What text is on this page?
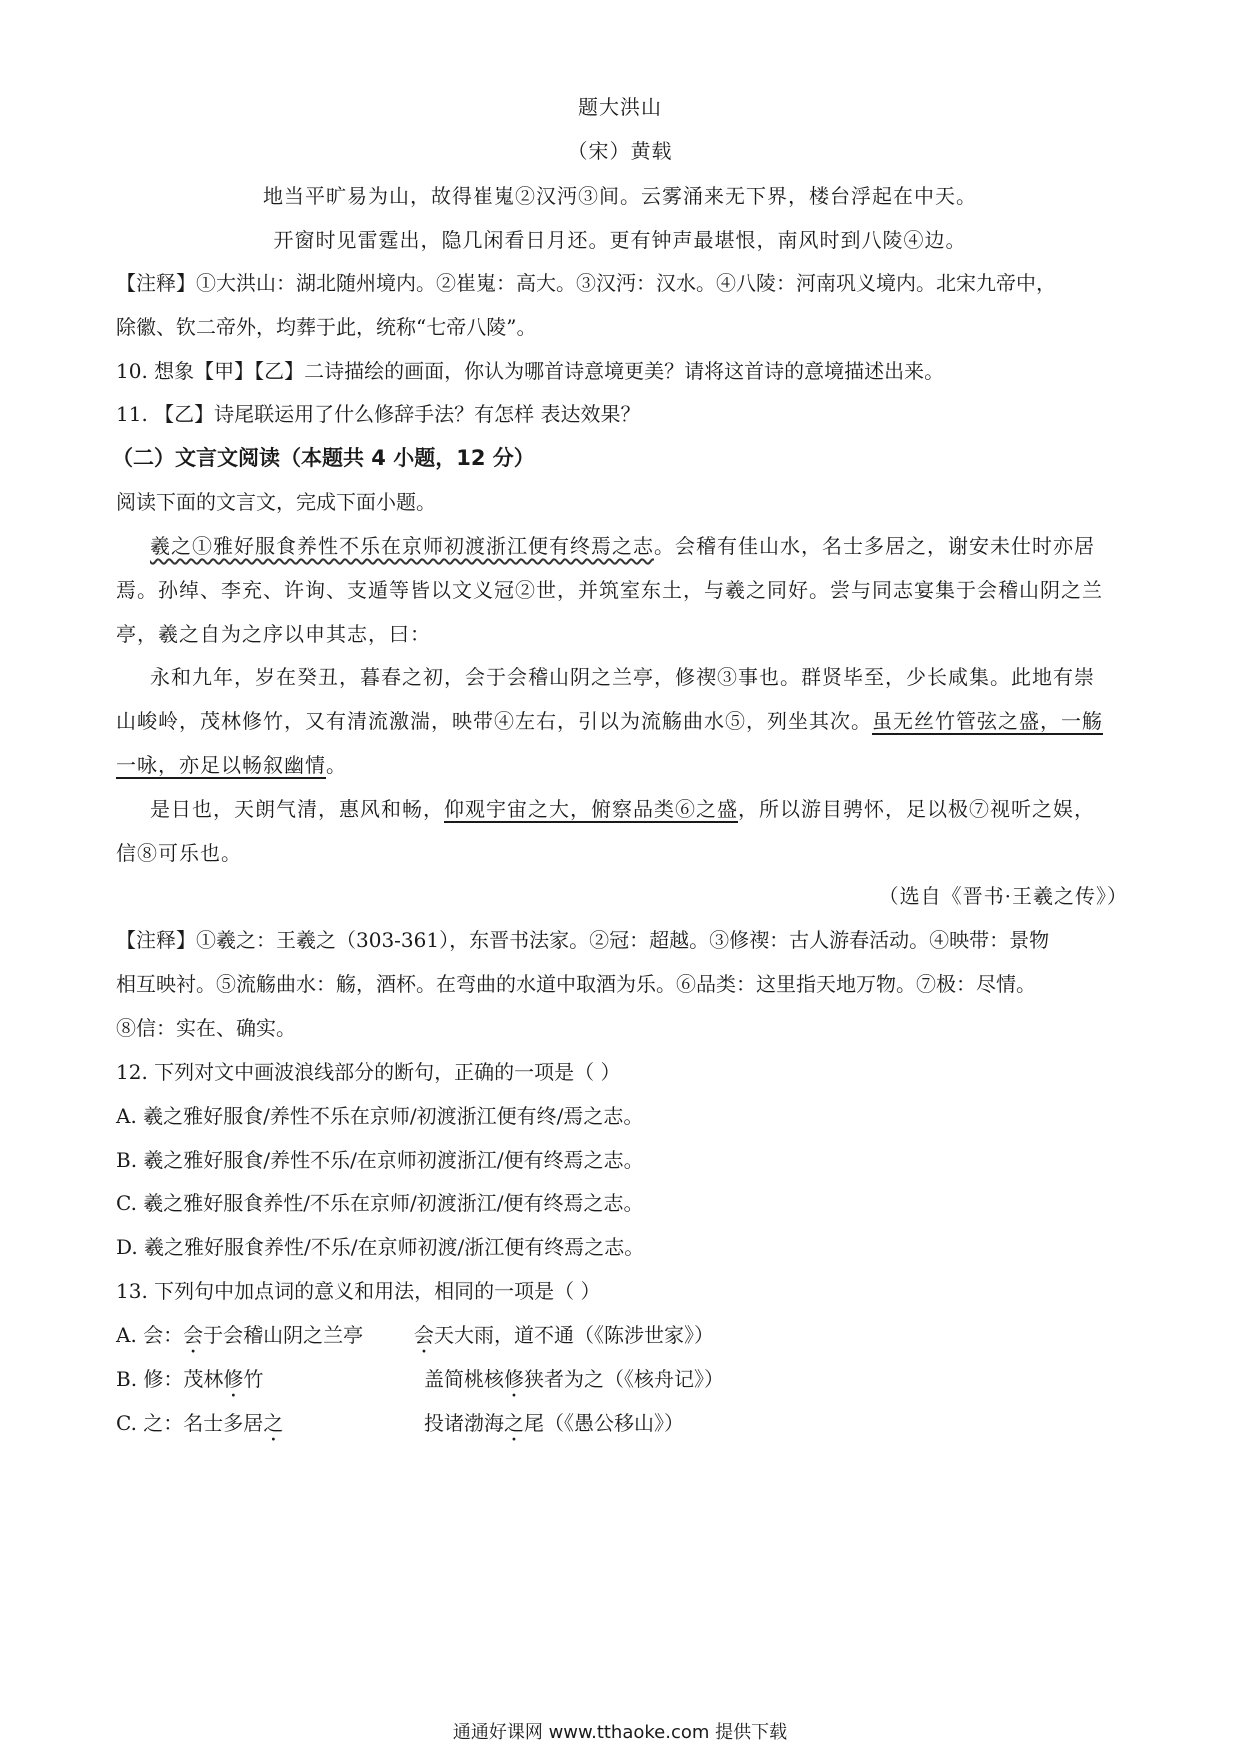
题大洪山
（宋）黄载
地当平旷易为山，故得崔嵬②汉沔③间。云雾涌来无下界，楼台浮起在中天。
开窗时见雷霆出，隐几闲看日月还。更有钟声最堪恨，南风时到八陵④边。
【注释】①大洪山：湖北随州境内。②崔嵬：高大。③汉沔：汉水。④八陵：河南巩义境内。北宋九帝中，
除徽、钦二帝外，均葬于此，统称“七帝八陵”。
10. 想象【甲】【乙】二诗描绘的画面，你认为哪首诗意境更美？请将这首诗的意境描述出来。
11. 【乙】诗尾联运用了什么修辞手法？有怎样 表达效果？
（二）文言文阅读（本题共 4 小题，12 分）
阅读下面的文言文，完成下面小题。
羲之①雅好服食养性不乐在京师初渡浙江便有终焉之志。会稽有佳山水，名士多居之，谢安未仕时亦居
焉。孙绰、李充、许询、支遁等皆以文义冠②世，并筑室东土，与羲之同好。尝与同志宴集于会稽山阴之兰
亭，羲之自为之序以申其志，曰：
永和九年，岁在癸丑，暮春之初，会于会稽山阴之兰亭，修禊③事也。群贤毕至，少长咸集。此地有崇
山峻岭，茂林修竹，又有清流激湍，映带④左右，引以为流觞曲水⑤，列坐其次。虽无丝竹管弦之盛，一觞
一咏，亦足以畅叙幽情。
是日也，天朗气清，惠风和畅，仰观宇宙之大，俯察品类⑥之盛，所以游目骋怀，足以极⑦视听之娱，
信⑧可乐也。
（选自《晋书·王羲之传》）
【注释】①羲之：王羲之（303-361），东晋书法家。②冠：超越。③修禊：古人游春活动。④映带：景物
相互映衬。⑤流觞曲水：觞，酒杯。在弯曲的水道中取酒为乐。⑥品类：这里指天地万物。⑦极：尽情。
⑧信：实在、确实。
12. 下列对文中画波浪线部分的断句，正确的一项是（ ）
A. 羲之雅好服食/养性不乐在京师/初渡浙江便有终/焉之志。
B. 羲之雅好服食/养性不乐/在京师初渡浙江/便有终焉之志。
C. 羲之雅好服食养性/不乐在京师/初渡浙江/便有终焉之志。
D. 羲之雅好服食养性/不乐/在京师初渡/浙江便有终焉之志。
13. 下列句中加点词的意义和用法，相同的一项是（ ）
A. 会：会于会稽山阴之兰亭	会天大雨，道不通（《陈涉世家》）
B. 修：茂林修竹	盖简桃核修狭者为之（《核舟记》）
C. 之：名士多居之	投诸渤海之尾（《愚公移山》）
通通好课网 www.tthaoke.com 提供下载
